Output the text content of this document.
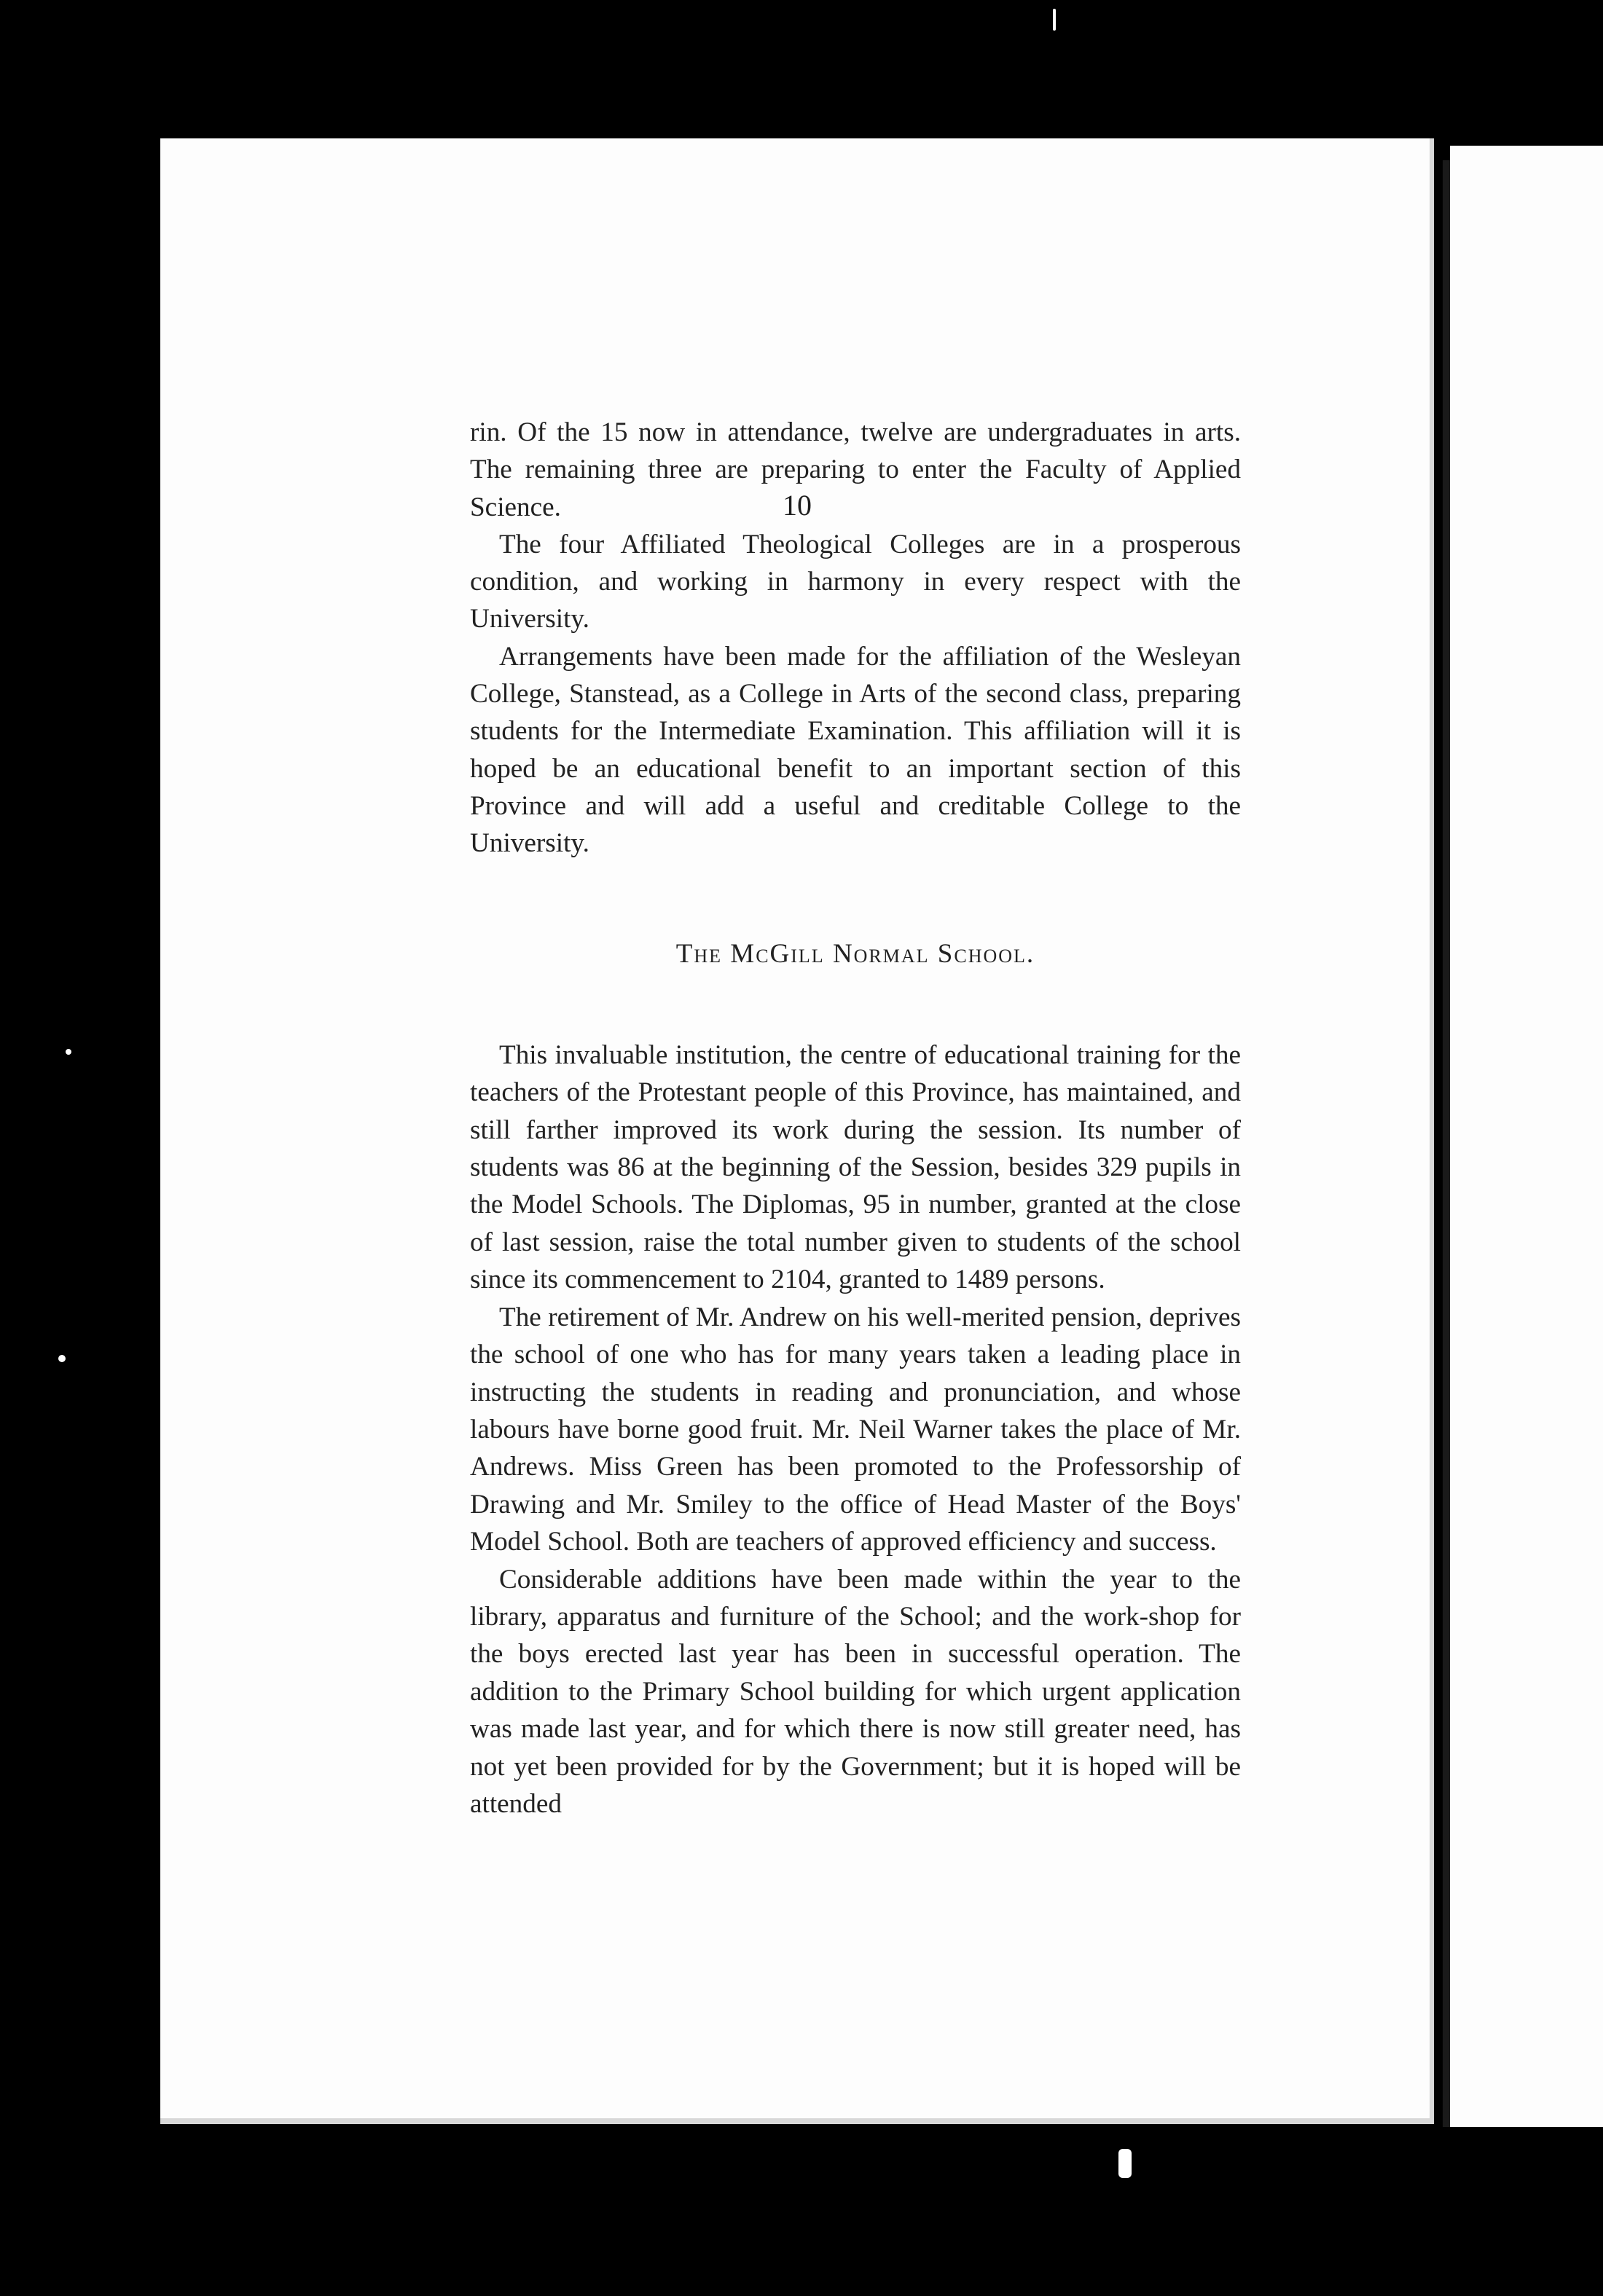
10

rin. Of the 15 now in attendance, twelve are undergraduates in arts. The remaining three are preparing to enter the Faculty of Applied Science.

The four Affiliated Theological Colleges are in a prosperous condition, and working in harmony in every respect with the University.

Arrangements have been made for the affiliation of the Wesleyan College, Stanstead, as a College in Arts of the second class, preparing students for the Intermediate Examination. This affiliation will it is hoped be an educational benefit to an important section of this Province and will add a useful and creditable College to the University.

The McGill Normal School.

This invaluable institution, the centre of educational training for the teachers of the Protestant people of this Province, has maintained, and still farther improved its work during the session. Its number of students was 86 at the beginning of the Session, besides 329 pupils in the Model Schools. The Diplomas, 95 in number, granted at the close of last session, raise the total number given to students of the school since its commencement to 2104, granted to 1489 persons.

The retirement of Mr. Andrew on his well-merited pension, deprives the school of one who has for many years taken a leading place in instructing the students in reading and pronunciation, and whose labours have borne good fruit. Mr. Neil Warner takes the place of Mr. Andrews. Miss Green has been promoted to the Professorship of Drawing and Mr. Smiley to the office of Head Master of the Boys' Model School. Both are teachers of approved efficiency and success.

Considerable additions have been made within the year to the library, apparatus and furniture of the School; and the work-shop for the boys erected last year has been in successful operation. The addition to the Primary School building for which urgent application was made last year, and for which there is now still greater need, has not yet been provided for by the Government; but it is hoped will be attended
